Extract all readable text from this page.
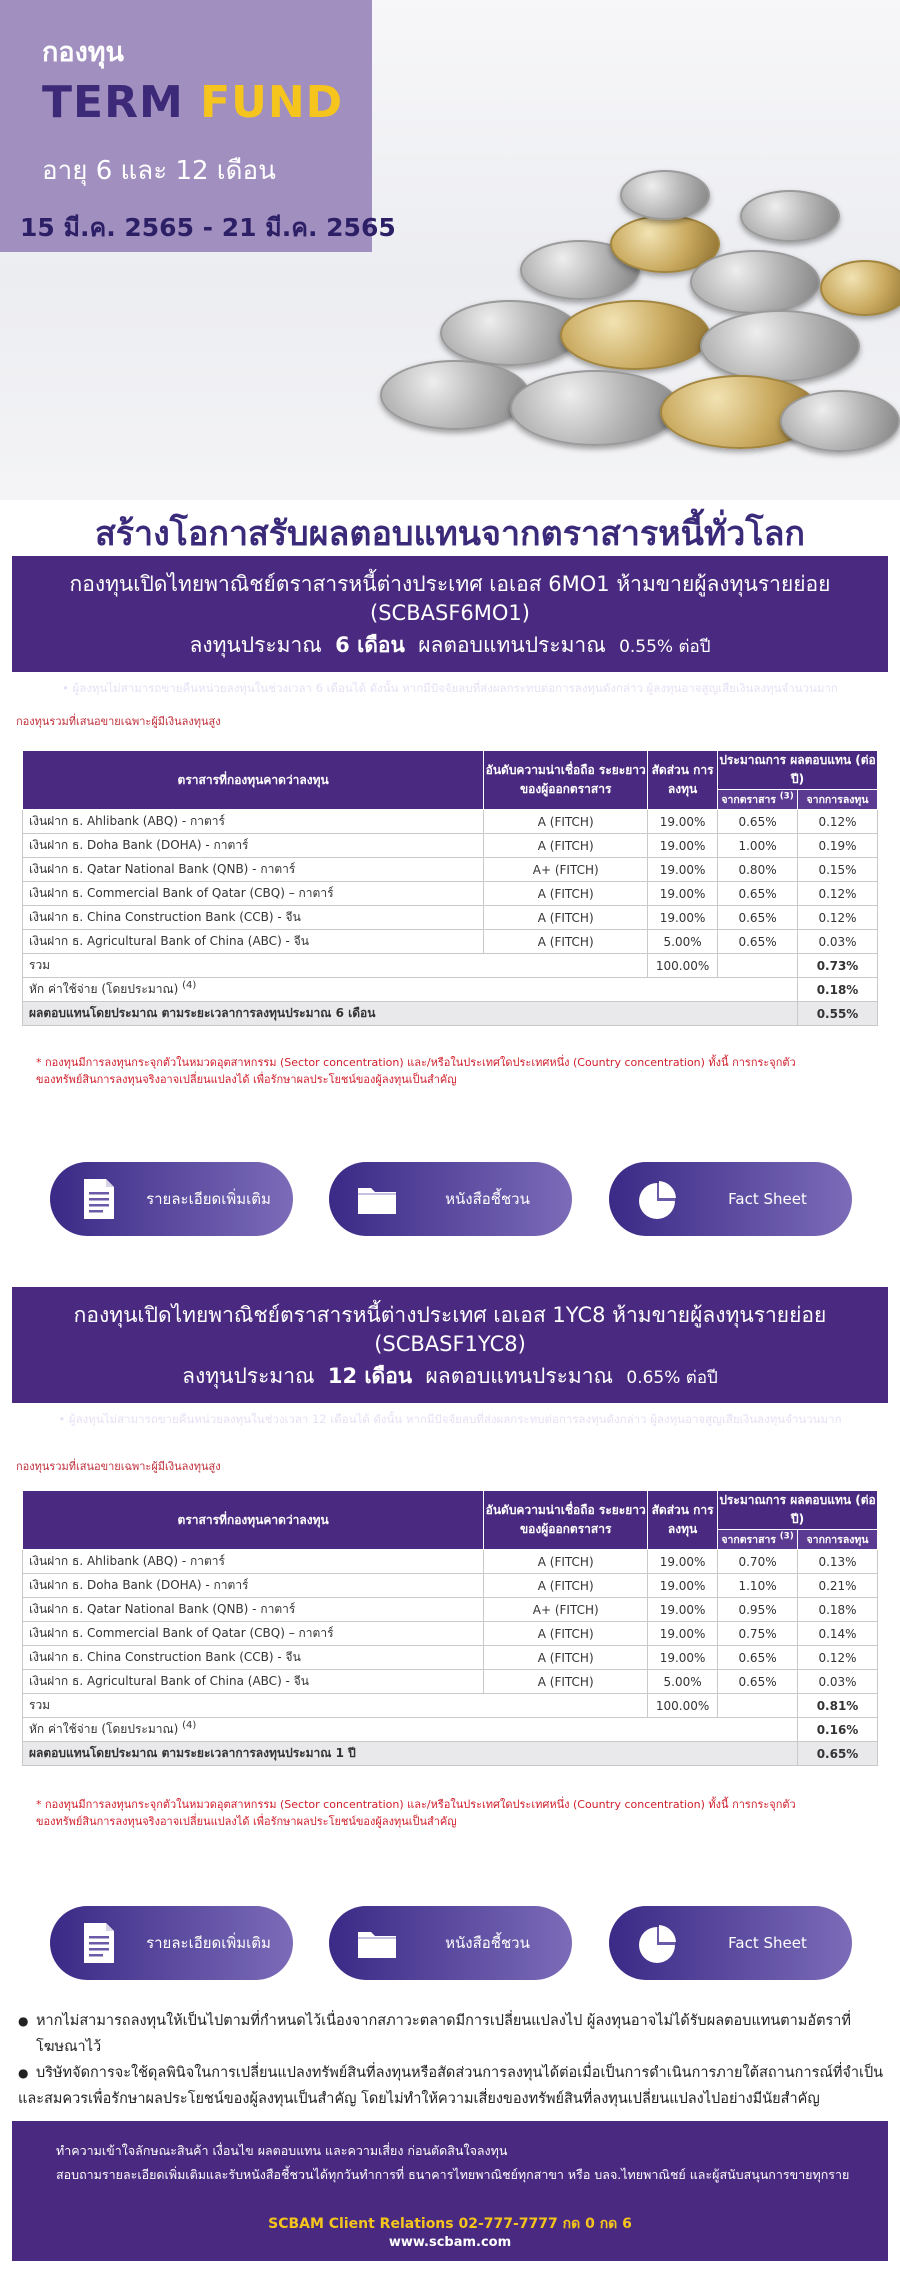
กองทุน
TERM FUND
อายุ 6 และ 12 เดือน
15 มี.ค. 2565 - 21 มี.ค. 2565
สร้างโอกาสรับผลตอบแทนจากตราสารหนี้ทั่วโลก
กองทุนเปิดไทยพาณิชย์ตราสารหนี้ต่างประเทศ เอเอส 6MO1 ห้ามขายผู้ลงทุนรายย่อย (SCBASF6MO1)
ลงทุนประมาณ 6 เดือน ผลตอบแทนประมาณ 0.55% ต่อปี
• ผู้ลงทุนไม่สามารถขายคืนหน่วยลงทุนในช่วงเวลา 6 เดือนได้ ดังนั้น หากมีปัจจัยลบที่ส่งผลกระทบต่อการลงทุนดังกล่าว ผู้ลงทุนอาจสูญเสียเงินลงทุนจำนวนมาก
กองทุนรวมที่เสนอขายเฉพาะผู้มีเงินลงทุนสูง
ตราสารที่กองทุนคาดว่าลงทุน	อันดับความน่าเชื่อถือ ระยะยาวของผู้ออกตราสาร	สัดส่วน การลงทุน	ประมาณการ ผลตอบแทน (ต่อปี)	
			จากตราสาร $^{(3)}$	จากการลงทุน
เงินฝาก ธ. Ahlibank (ABQ) - กาตาร์	A (FITCH)	19.00%	0.65%	0.12%
เงินฝาก ธ. Doha Bank (DOHA) - กาตาร์	A (FITCH)	19.00%	1.00%	0.19%
เงินฝาก ธ. Qatar National Bank (QNB) - กาตาร์	A+ (FITCH)	19.00%	0.80%	0.15%
เงินฝาก ธ. Commercial Bank of Qatar (CBQ) – กาตาร์	A (FITCH)	19.00%	0.65%	0.12%
เงินฝาก ธ. China Construction Bank (CCB) - จีน	A (FITCH)	19.00%	0.65%	0.12%
เงินฝาก ธ. Agricultural Bank of China (ABC) - จีน	A (FITCH)	5.00%	0.65%	0.03%
รวม		100.00%		0.73%
หัก ค่าใช้จ่าย (โดยประมาณ) $^{(4)}$				0.18%
ผลตอบแทนโดยประมาณ ตามระยะเวลาการลงทุนประมาณ 6 เดือน				0.55%
* กองทุนมีการลงทุนกระจุกตัวในหมวดอุตสาหกรรม (Sector concentration) และ/หรือในประเทศใดประเทศหนึ่ง (Country concentration) ทั้งนี้ การกระจุกตัว
ของทรัพย์สินการลงทุนจริงอาจเปลี่ยนแปลงได้ เพื่อรักษาผลประโยชน์ของผู้ลงทุนเป็นสำคัญ
รายละเอียดเพิ่มเติม	หนังสือชี้ชวน	Fact Sheet
กองทุนเปิดไทยพาณิชย์ตราสารหนี้ต่างประเทศ เอเอส 1YC8 ห้ามขายผู้ลงทุนรายย่อย (SCBASF1YC8)
ลงทุนประมาณ 12 เดือน ผลตอบแทนประมาณ 0.65% ต่อปี
• ผู้ลงทุนไม่สามารถขายคืนหน่วยลงทุนในช่วงเวลา 12 เดือนได้ ดังนั้น หากมีปัจจัยลบที่ส่งผลกระทบต่อการลงทุนดังกล่าว ผู้ลงทุนอาจสูญเสียเงินลงทุนจำนวนมาก
กองทุนรวมที่เสนอขายเฉพาะผู้มีเงินลงทุนสูง
ตราสารที่กองทุนคาดว่าลงทุน	อันดับความน่าเชื่อถือ ระยะยาวของผู้ออกตราสาร	สัดส่วน การลงทุน	ประมาณการ ผลตอบแทน (ต่อปี)	
			จากตราสาร $^{(3)}$	จากการลงทุน
เงินฝาก ธ. Ahlibank (ABQ) - กาตาร์	A (FITCH)	19.00%	0.70%	0.13%
เงินฝาก ธ. Doha Bank (DOHA) - กาตาร์	A (FITCH)	19.00%	1.10%	0.21%
เงินฝาก ธ. Qatar National Bank (QNB) - กาตาร์	A+ (FITCH)	19.00%	0.95%	0.18%
เงินฝาก ธ. Commercial Bank of Qatar (CBQ) – กาตาร์	A (FITCH)	19.00%	0.75%	0.14%
เงินฝาก ธ. China Construction Bank (CCB) - จีน	A (FITCH)	19.00%	0.65%	0.12%
เงินฝาก ธ. Agricultural Bank of China (ABC) - จีน	A (FITCH)	5.00%	0.65%	0.03%
รวม		100.00%		0.81%
หัก ค่าใช้จ่าย (โดยประมาณ) $^{(4)}$				0.16%
ผลตอบแทนโดยประมาณ ตามระยะเวลาการลงทุนประมาณ 1 ปี				0.65%
* กองทุนมีการลงทุนกระจุกตัวในหมวดอุตสาหกรรม (Sector concentration) และ/หรือในประเทศใดประเทศหนึ่ง (Country concentration) ทั้งนี้ การกระจุกตัว
ของทรัพย์สินการลงทุนจริงอาจเปลี่ยนแปลงได้ เพื่อรักษาผลประโยชน์ของผู้ลงทุนเป็นสำคัญ
รายละเอียดเพิ่มเติม	หนังสือชี้ชวน	Fact Sheet
● หากไม่สามารถลงทุนให้เป็นไปตามที่กำหนดไว้เนื่องจากสภาวะตลาดมีการเปลี่ยนแปลงไป ผู้ลงทุนอาจไม่ได้รับผลตอบแทนตามอัตราที่โฆษณาไว้
● บริษัทจัดการจะใช้ดุลพินิจในการเปลี่ยนแปลงทรัพย์สินที่ลงทุนหรือสัดส่วนการลงทุนได้ต่อเมื่อเป็นการดำเนินการภายใต้สถานการณ์ที่จำเป็น
และสมควรเพื่อรักษาผลประโยชน์ของผู้ลงทุนเป็นสำคัญ โดยไม่ทำให้ความเสี่ยงของทรัพย์สินที่ลงทุนเปลี่ยนแปลงไปอย่างมีนัยสำคัญ
ทำความเข้าใจลักษณะสินค้า เงื่อนไข ผลตอบแทน และความเสี่ยง ก่อนตัดสินใจลงทุน
สอบถามรายละเอียดเพิ่มเติมและรับหนังสือชี้ชวนได้ทุกวันทำการที่ ธนาคารไทยพาณิชย์ทุกสาขา หรือ บลจ.ไทยพาณิชย์ และผู้สนับสนุนการขายทุกราย
SCBAM Client Relations 02-777-7777 กด 0 กด 6
www.scbam.com
